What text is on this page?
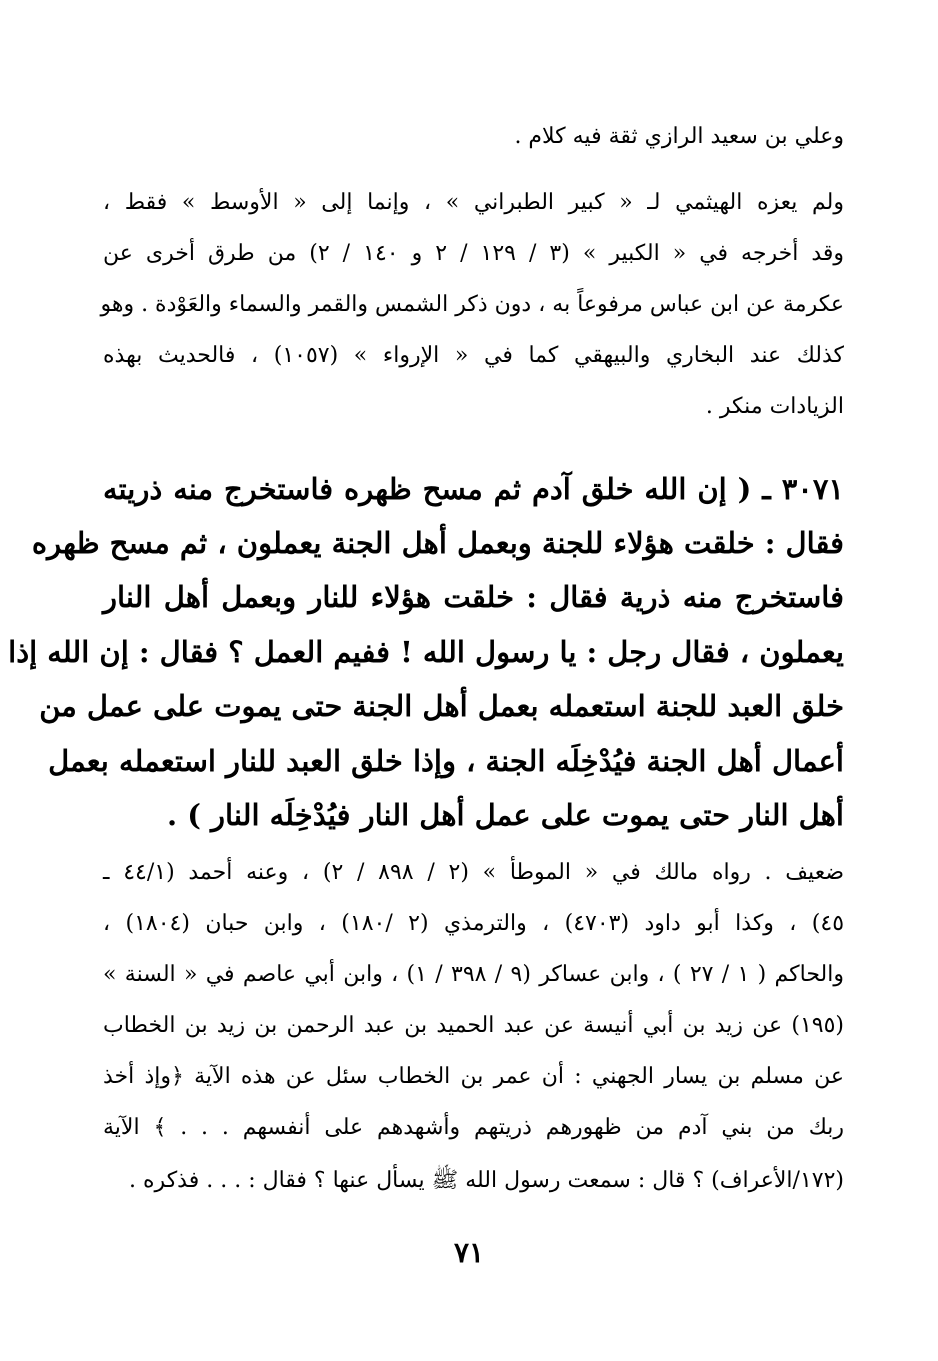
وعلي بن سعيد الرازي ثقة فيه كلام .
ولم يعزه الهيثمي لـ « كبير الطبراني » ، وإنما إلى « الأوسط » فقط ،
وقد أخرجه في « الكبير » (٣ / ١٢٩ / ٢ و ١٤٠ / ٢) من طرق أخرى عن
عكرمة عن ابن عباس مرفوعاً به ، دون ذكر الشمس والقمر والسماء والعَوْدة . وهو
كذلك عند البخاري والبيهقي كما في « الإرواء » (١٠٥٧) ، فالحديث بهذه
الزيادات منكر .
٣٠٧١ ـ ( إن الله خلق آدم ثم مسح ظهره فاستخرج منه ذريته
فقال : خلقت هؤلاء للجنة وبعمل أهل الجنة يعملون ، ثم مسح ظهره
فاستخرج منه ذرية فقال : خلقت هؤلاء للنار وبعمل أهل النار
يعملون ، فقال رجل : يا رسول الله ! ففيم العمل ؟ فقال : إن الله إذا
خلق العبد للجنة استعمله بعمل أهل الجنة حتى يموت على عمل من
أعمال أهل الجنة فيُدْخِلَه الجنة ، وإذا خلق العبد للنار استعمله بعمل
أهل النار حتى يموت على عمل أهل النار فيُدْخِلَه النار ) .
ضعيف . رواه مالك في « الموطأ » (٢ / ٨٩٨ / ٢) ، وعنه أحمد (٤٤/١ ـ
٤٥) ، وكذا أبو داود (٤٧٠٣) ، والترمذي (٢ /١٨٠) ، وابن حبان (١٨٠٤) ،
والحاكم ( ١ / ٢٧ ) ، وابن عساكر (٩ / ٣٩٨ / ١) ، وابن أبي عاصم في « السنة »
(١٩٥) عن زيد بن أبي أنيسة عن عبد الحميد بن عبد الرحمن بن زيد بن الخطاب
عن مسلم بن يسار الجهني : أن عمر بن الخطاب سئل عن هذه الآية ﴿وإذ أخذ
ربك من بني آدم من ظهورهم ذريتهم وأشهدهم على أنفسهم . . . ﴾ الآية
(١٧٢/الأعراف) ؟ قال : سمعت رسول الله ﷺ يسأل عنها ؟ فقال : . . . فذكره .
٧١
